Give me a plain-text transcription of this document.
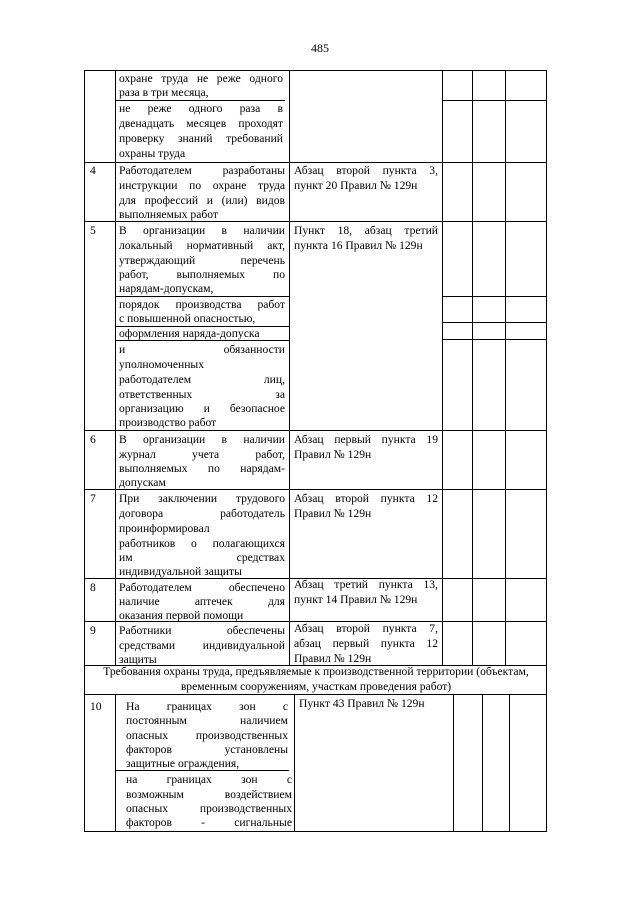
485
охране труда не реже одного
раза в три месяца,
не реже одного раза в
двенадцать месяцев проходят
проверку знаний требований
охраны труда
4 Работодателем разработаны
инструкции по охране труда
для профессий и (или) видов
выполняемых работ
Абзац второй пункта 3,
пункт 20 Правил № 129н
5 В организации в наличии
локальный нормативный акт,
утверждающий перечень
работ, выполняемых по
нарядам-допускам,
порядок производства работ
с повышенной опасностью,
оформления наряда-допуска
и обязанности
уполномоченных
работодателем лиц,
ответственных за
организацию и безопасное
производство работ
Пункт 18, абзац третий
пункта 16 Правил № 129н
6 В организации в наличии
журнал учета работ,
выполняемых по нарядам-
допускам
Абзац первый пункта 19
Правил № 129н
7 При заключении трудового
договора работодатель
проинформировал
работников о полагающихся
им средствах
индивидуальной защиты
Абзац второй пункта 12
Правил № 129н
8 Работодателем обеспечено
наличие аптечек для
оказания первой помощи
Абзац третий пункта 13,
пункт 14 Правил № 129н
9 Работники обеспечены
средствами индивидуальной
защиты
Абзац второй пункта 7,
абзац первый пункта 12
Правил № 129н
Требования охраны труда, предъявляемые к производственной территории (объектам,
временным сооружениям, участкам проведения работ)
10 На границах зон с
постоянным наличием
опасных производственных
факторов установлены
защитные ограждения,
на границах зон с
возможным воздействием
опасных производственных
факторов - сигнальные
Пункт 43 Правил № 129н
